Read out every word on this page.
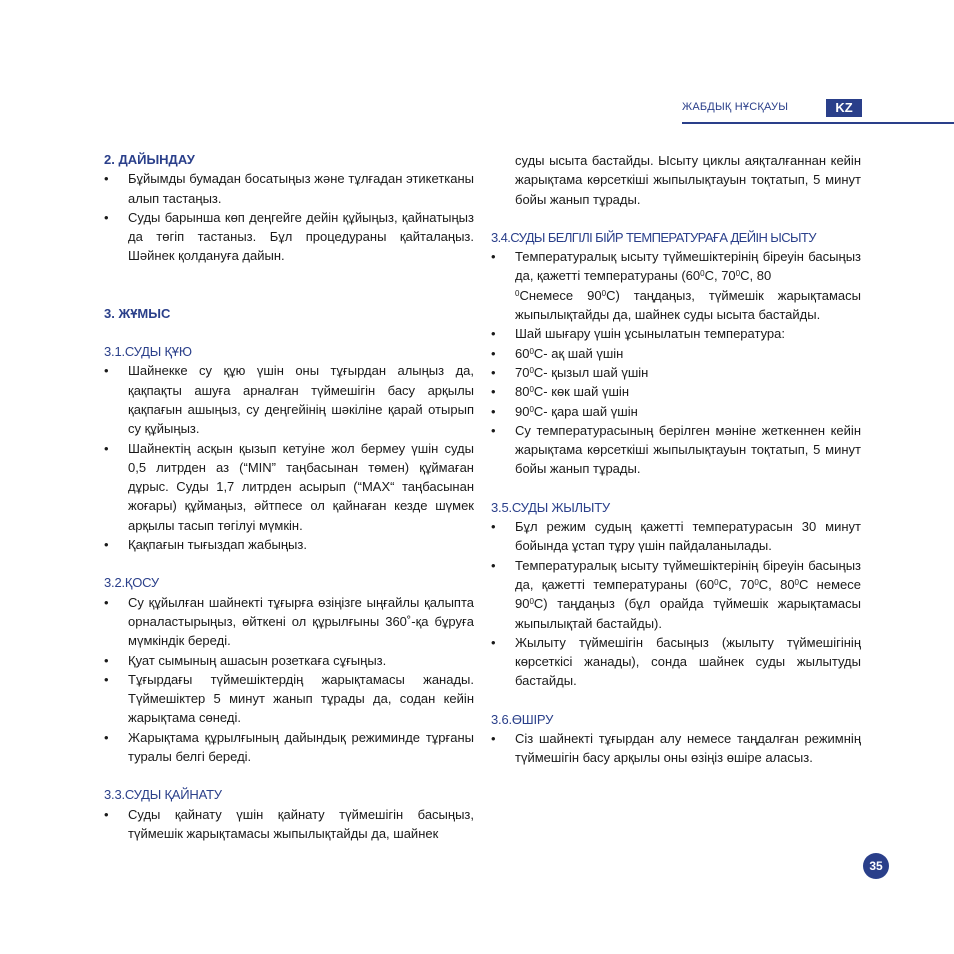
ЖАБДЫҚ НҰСҚАУЫ	KZ

2. ДАЙЫНДАУ

• Бұйымды бумадан босатыңыз және тұлғадан этикетканы алып тастаңыз.
• Суды барынша көп деңгейге дейін құйыңыз, қайнатыңыз да төгіп тастаныз. Бұл процедураны қайталаңыз. Шәйнек қолдануға дайын.

3. ЖҰМЫС

3.1.СУДЫ ҚҰЮ

• Шайнекке су құю үшін оны тұғырдан алыңыз да, қақпақты ашуға арналған түймешігін басу арқылы қақпағын ашыңыз, су деңгейінің шәкіліне қарай отырып су құйыңыз.
• Шайнектің асқын қызып кетуіне жол бермеу үшін суды 0,5 литрден аз (“MIN” таңбасынан төмен) құймаған дұрыс. Суды 1,7 литрден асырып (“MAX“ таңбасынан жоғары) құймаңыз, әйтпесе ол қайнаған кезде шүмек арқылы тасып төгілуі мүмкін.
• Қақпағын тығыздап жабыңыз.

3.2.ҚОСУ

• Су құйылған шайнекті тұғырға өзіңізге ыңғайлы қалыпта орналастырыңыз, өйткені ол құрылғыны 360˚-қа бұруға мүмкіндік береді.
• Қуат сымының ашасын розеткаға сұғыңыз.
• Тұғырдағы түймешіктердің жарықтамасы жанады. Түймешіктер 5 минут жанып тұрады да, содан кейін жарықтама сөнеді.
• Жарықтама құрылғының дайындық режиминде тұрғаны туралы белгі береді.

3.3.СУДЫ ҚАЙНАТУ

• Суды қайнату үшін қайнату түймешігін басыңыз, түймешік жарықтамасы жыпылықтайды да, шайнек

суды ысыта бастайды. Ысыту циклы аяқталғаннан кейін жарықтама көрсеткіші жыпылықтауын тоқтатып, 5 минут бойы жанып тұрады.

3.4.СУДЫ БЕЛГІЛІ БІЙР ТЕМПЕРАТУРАҒА ДЕЙІН ЫСЫТУ

• Температуралық ысыту түймешіктерінің біреуін басыңыз да, қажетті температураны ($60^0С$, $70^0С$, 80
$^0$Снемесе $90^0С$) таңдаңыз, түймешік жарықтамасы жыпылықтайды да, шайнек суды ысыта бастайды.
• Шай шығару үшін ұсынылатын температура:
• $60^0С-$ ақ шай үшін
• $70^0С-$ қызыл шай үшін
• $80^0С-$ көк шай үшін
• $90^0С-$ қара шай үшін
• Су температурасының берілген мәніне жеткеннен кейін жарықтама көрсеткіші жыпылықтауын тоқтатып, 5 минут бойы жанып тұрады.

3.5.СУДЫ ЖЫЛЫТУ

• Бұл режим судың қажетті температурасын 30 минут бойында ұстап тұру үшін пайдаланылады.
• Температуралық ысыту түймешіктерінің біреуін басыңыз да, қажетті температураны ($60^0С$, $70^0С$, $80^0С$ немесе $90^0С$) таңдаңыз (бұл орайда түймешік жарықтамасы жыпылықтай бастайды).
• Жылыту түймешігін басыңыз (жылыту түймешігінің көрсеткісі жанады), сонда шайнек суды жылытуды бастайды.

3.6.ӨШІРУ

• Сіз шайнекті тұғырдан алу немесе таңдалған режимнің түймешігін басу арқылы оны өзіңіз өшіре аласыз.
35
